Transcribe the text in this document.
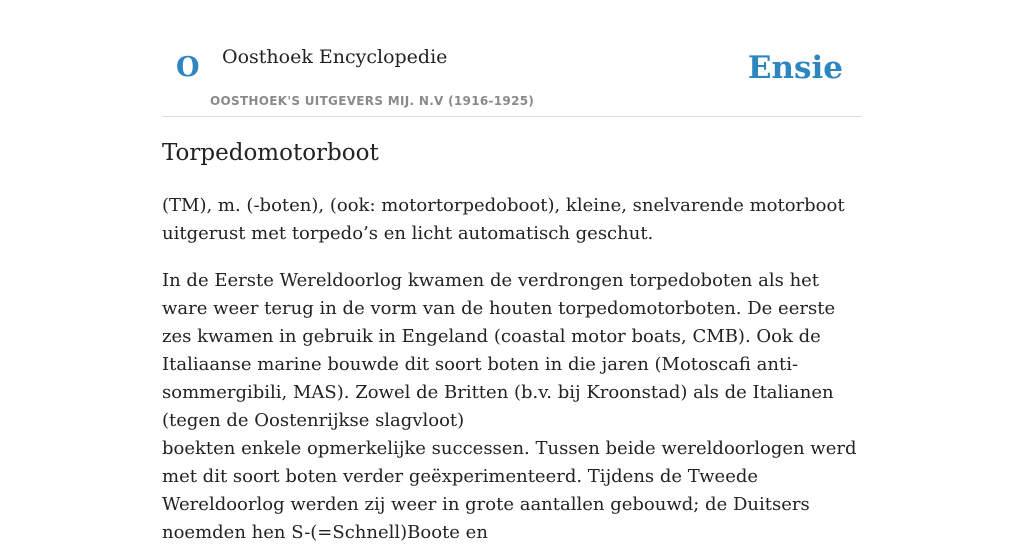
O Oosthoek Encyclopedie
OOSTHOEK'S UITGEVERS MIJ. N.V (1916-1925)
Ensie
Torpedomotorboot

(TM), m. (-boten), (ook: motortorpedoboot), kleine, snelvarende motorboot uitgerust met torpedo’s en licht automatisch geschut.

In de Eerste Wereldoorlog kwamen de verdrongen torpedoboten als het ware weer terug in de vorm van de houten torpedomotorboten. De eerste zes kwamen in gebruik in Engeland (coastal motor boats, CMB). Ook de Italiaanse marine bouwde dit soort boten in die jaren (Motoscafi anti-sommergibili, MAS). Zowel de Britten (b.v. bij Kroonstad) als de Italianen (tegen de Oostenrijkse slagvloot)

boekten enkele opmerkelijke successen. Tussen beide wereldoorlogen werd met dit soort boten verder geëxperimenteerd. Tijdens de Tweede Wereldoorlog werden zij weer in grote aantallen gebouwd; de Duitsers noemden hen S-(=Schnell)Boote en
